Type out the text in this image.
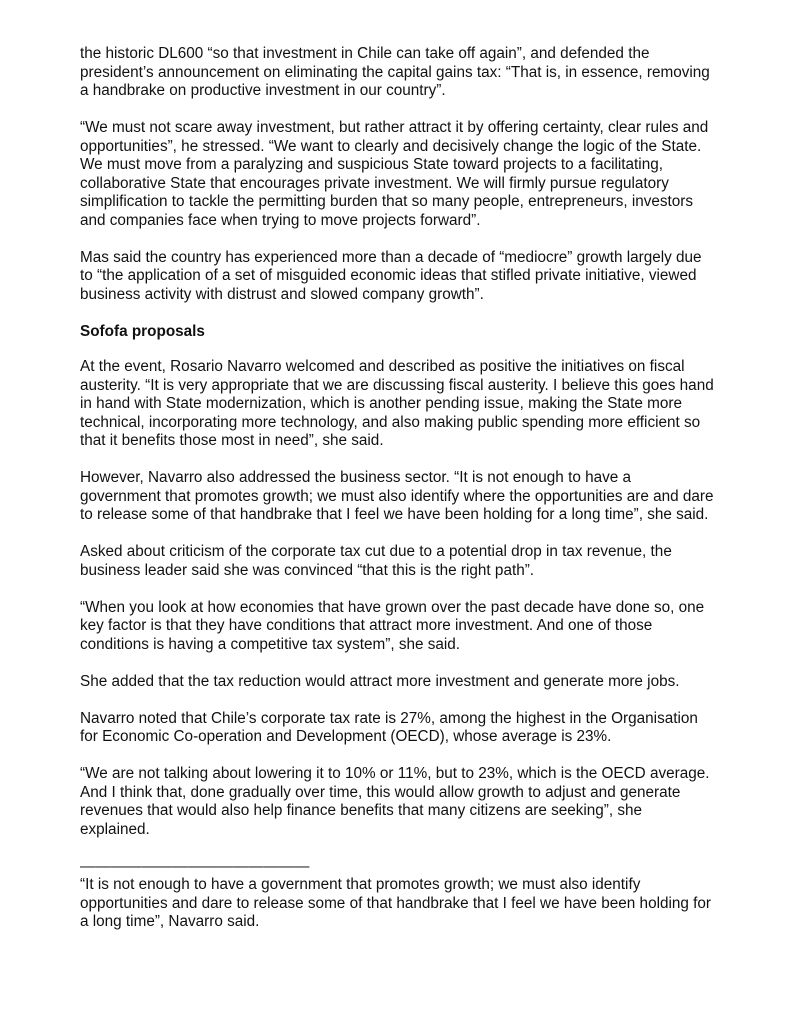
the historic DL600 “so that investment in Chile can take off again”, and defended the
president’s announcement on eliminating the capital gains tax: “That is, in essence, removing
a handbrake on productive investment in our country”.
“We must not scare away investment, but rather attract it by offering certainty, clear rules and
opportunities”, he stressed. “We want to clearly and decisively change the logic of the State.
We must move from a paralyzing and suspicious State toward projects to a facilitating,
collaborative State that encourages private investment. We will firmly pursue regulatory
simplification to tackle the permitting burden that so many people, entrepreneurs, investors
and companies face when trying to move projects forward”.
Mas said the country has experienced more than a decade of “mediocre” growth largely due
to “the application of a set of misguided economic ideas that stifled private initiative, viewed
business activity with distrust and slowed company growth”.
Sofofa proposals
At the event, Rosario Navarro welcomed and described as positive the initiatives on fiscal
austerity. “It is very appropriate that we are discussing fiscal austerity. I believe this goes hand
in hand with State modernization, which is another pending issue, making the State more
technical, incorporating more technology, and also making public spending more efficient so
that it benefits those most in need”, she said.
However, Navarro also addressed the business sector. “It is not enough to have a
government that promotes growth; we must also identify where the opportunities are and dare
to release some of that handbrake that I feel we have been holding for a long time”, she said.
Asked about criticism of the corporate tax cut due to a potential drop in tax revenue, the
business leader said she was convinced “that this is the right path”.
“When you look at how economies that have grown over the past decade have done so, one
key factor is that they have conditions that attract more investment. And one of those
conditions is having a competitive tax system”, she said.
She added that the tax reduction would attract more investment and generate more jobs.
Navarro noted that Chile’s corporate tax rate is 27%, among the highest in the Organisation
for Economic Co-operation and Development (OECD), whose average is 23%.
“We are not talking about lowering it to 10% or 11%, but to 23%, which is the OECD average.
And I think that, done gradually over time, this would allow growth to adjust and generate
revenues that would also help finance benefits that many citizens are seeking”, she
explained.
———————————————
“It is not enough to have a government that promotes growth; we must also identify
opportunities and dare to release some of that handbrake that I feel we have been holding for
a long time”, Navarro said.
